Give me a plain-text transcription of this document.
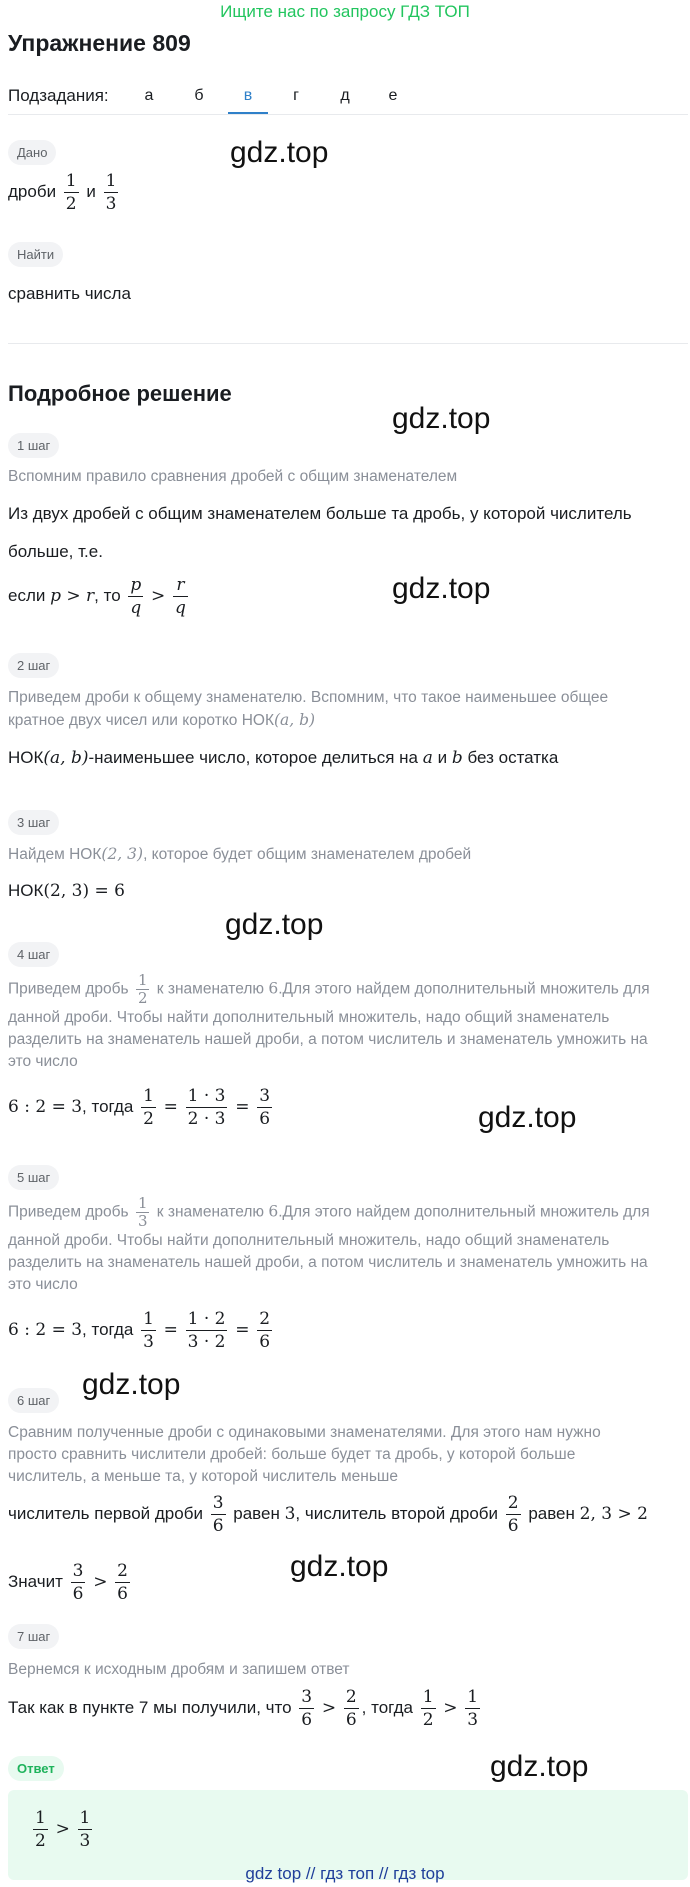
Ищите нас по запросу ГДЗ ТОП
Упражнение 809
Подзадания:	а	б	в	г	д	е
Дано	gdz.top
дроби $\frac{1}{2}$ и $\frac{1}{3}$
Найти
сравнить числа
Подробное решение
gdz.top
1 шаг
Вспомним правило сравнения дробей с общим знаменателем
Из двух дробей с общим знаменателем больше та дробь, у которой числитель
больше, т.е.
если p > r, то $\frac{p}{q} > \frac{r}{q}$	gdz.top
2 шаг
Приведем дроби к общему знаменателю. Вспомним, что такое наименьшее общее
кратное двух чисел или коротко НОК(a, b)
НОК(a, b)-наименьшее число, которое делиться на a и b без остатка
3 шаг
Найдем НОК(2, 3), которое будет общим знаменателем дробей
НОК(2, 3) = 6
gdz.top
4 шаг
Приведем дробь $\frac{1}{2}$ к знаменателю 6.Для этого найдем дополнительный множитель для
данной дроби. Чтобы найти дополнительный множитель, надо общий знаменатель
разделить на знаменатель нашей дроби, а потом числитель и знаменатель умножить на
это число
6 : 2 = 3, тогда $\frac{1}{2} = \frac{1 \cdot 3}{2 \cdot 3} = \frac{3}{6}$	gdz.top
5 шаг
Приведем дробь $\frac{1}{3}$ к знаменателю 6.Для этого найдем дополнительный множитель для
данной дроби. Чтобы найти дополнительный множитель, надо общий знаменатель
разделить на знаменатель нашей дроби, а потом числитель и знаменатель умножить на
это число
6 : 2 = 3, тогда $\frac{1}{3} = \frac{1 \cdot 2}{3 \cdot 2} = \frac{2}{6}$
6 шаг	gdz.top
Сравним полученные дроби с одинаковыми знаменателями. Для этого нам нужно
просто сравнить числители дробей: больше будет та дробь, у которой больше
числитель, а меньше та, у которой числитель меньше
числитель первой дроби $\frac{3}{6}$ равен 3, числитель второй дроби $\frac{2}{6}$ равен 2, 3 > 2
Значит $\frac{3}{6} > \frac{2}{6}$	gdz.top
7 шаг
Вернемся к исходным дробям и запишем ответ
Так как в пункте 7 мы получили, что $\frac{3}{6} > \frac{2}{6}$ , тогда $\frac{1}{2} > \frac{1}{3}$
Ответ	gdz.top
$\frac{1}{2} > \frac{1}{3}$
gdz top // гдз топ // гдз top
